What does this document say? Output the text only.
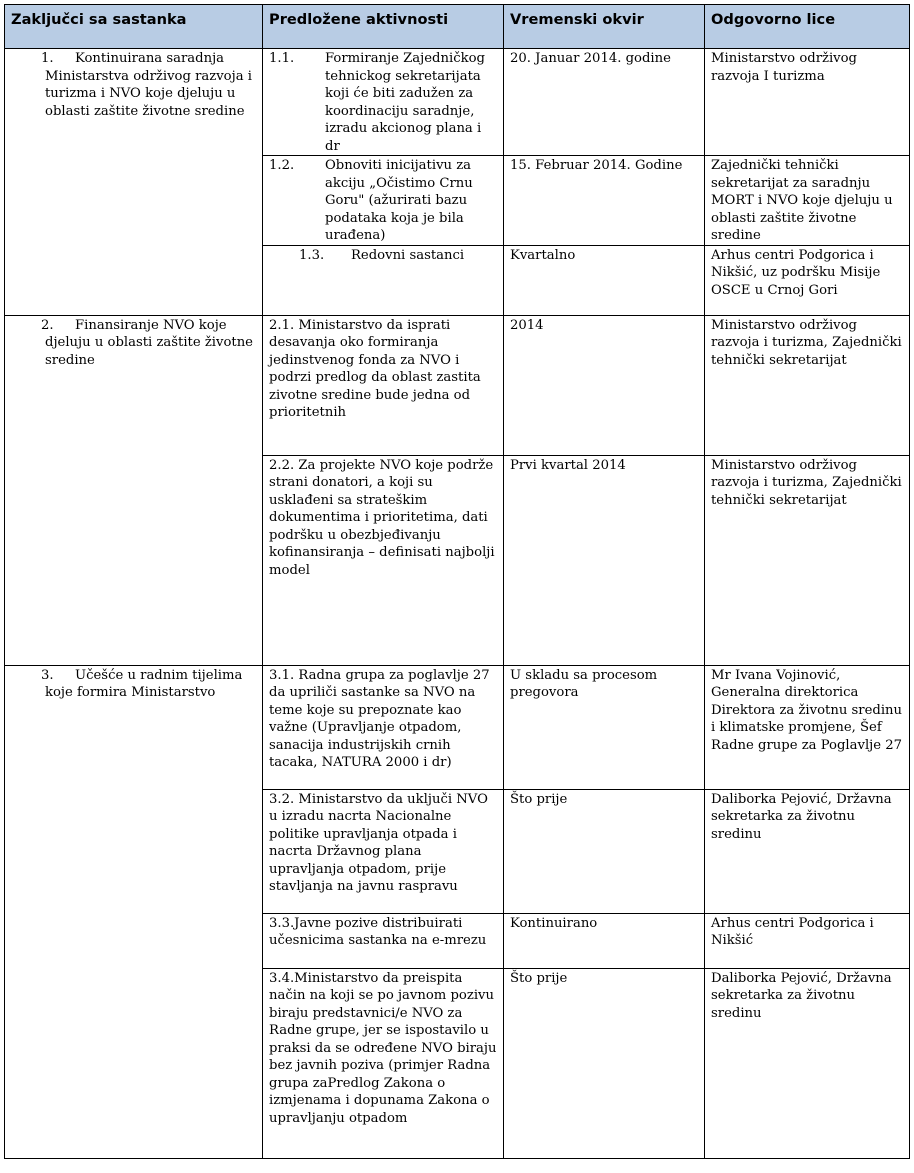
Zaključci sa sastanka	Predložene aktivnosti	Vremenski okvir	Odgovorno lice

1. Kontinuirana saradnja Ministarstva održivog razvoja i turizma i NVO koje djeluju u oblasti zaštite životne sredine	1.1. Formiranje Zajedničkog tehnickog sekretarijata koji će biti zadužen za koordinaciju saradnje, izradu akcionog plana i dr	20. Januar 2014. godine	Ministarstvo održivog razvoja I turizma

	1.2. Obnoviti inicijativu za akciju „Očistimo Crnu Goru" (ažurirati bazu podataka koja je bila urađena)	15. Februar 2014. Godine	Zajednički tehnički sekretarijat za saradnju MORT i NVO koje djeluju u oblasti zaštite životne sredine

	1.3. Redovni sastanci	Kvartalno	Arhus centri Podgorica i Nikšić, uz podršku Misije OSCE u Crnoj Gori

2. Finansiranje NVO koje djeluju u oblasti zaštite životne sredine	2.1. Ministarstvo da isprati desavanja oko formiranja jedinstvenog fonda za NVO i podrzi predlog da oblast zastita zivotne sredine bude jedna od prioritetnih	2014	Ministarstvo održivog razvoja i turizma, Zajednički tehnički sekretarijat
	2.2. Za projekte NVO koje podrže strani donatori, a koji su usklađeni sa strateškim dokumentima i prioritetima, dati podršku u obezbjeđivanju kofinansiranja – definisati najbolji model	Prvi kvartal 2014	Ministarstvo održivog razvoja i turizma, Zajednički tehnički sekretarijat

3. Učešće u radnim tijelima koje formira Ministarstvo	3.1. Radna grupa za poglavlje 27 da upriliči sastanke sa NVO na teme koje su prepoznate kao važne (Upravljanje otpadom, sanacija industrijskih crnih tacaka, NATURA 2000 i dr)	U skladu sa procesom pregovora	Mr Ivana Vojinović, Generalna direktorica Direktora za životnu sredinu i klimatske promjene, Šef Radne grupe za Poglavlje 27
	3.2. Ministarstvo da uključi NVO u izradu nacrta Nacionalne politike upravljanja otpada i nacrta Državnog plana upravljanja otpadom, prije stavljanja na javnu raspravu	Što prije	Daliborka Pejović, Državna sekretarka za životnu sredinu
	3.3.Javne pozive distribuirati učesnicima sastanka na e-mrezu	Kontinuirano	Arhus centri Podgorica i Nikšić
	3.4.Ministarstvo da preispita način na koji se po javnom pozivu biraju predstavnici/e NVO za Radne grupe, jer se ispostavilo u praksi da se određene NVO biraju bez javnih poziva (primjer Radna grupa zaPredlog Zakona o izmjenama i dopunama Zakona o upravljanju otpadom	Što prije	Daliborka Pejović, Državna sekretarka za životnu sredinu
